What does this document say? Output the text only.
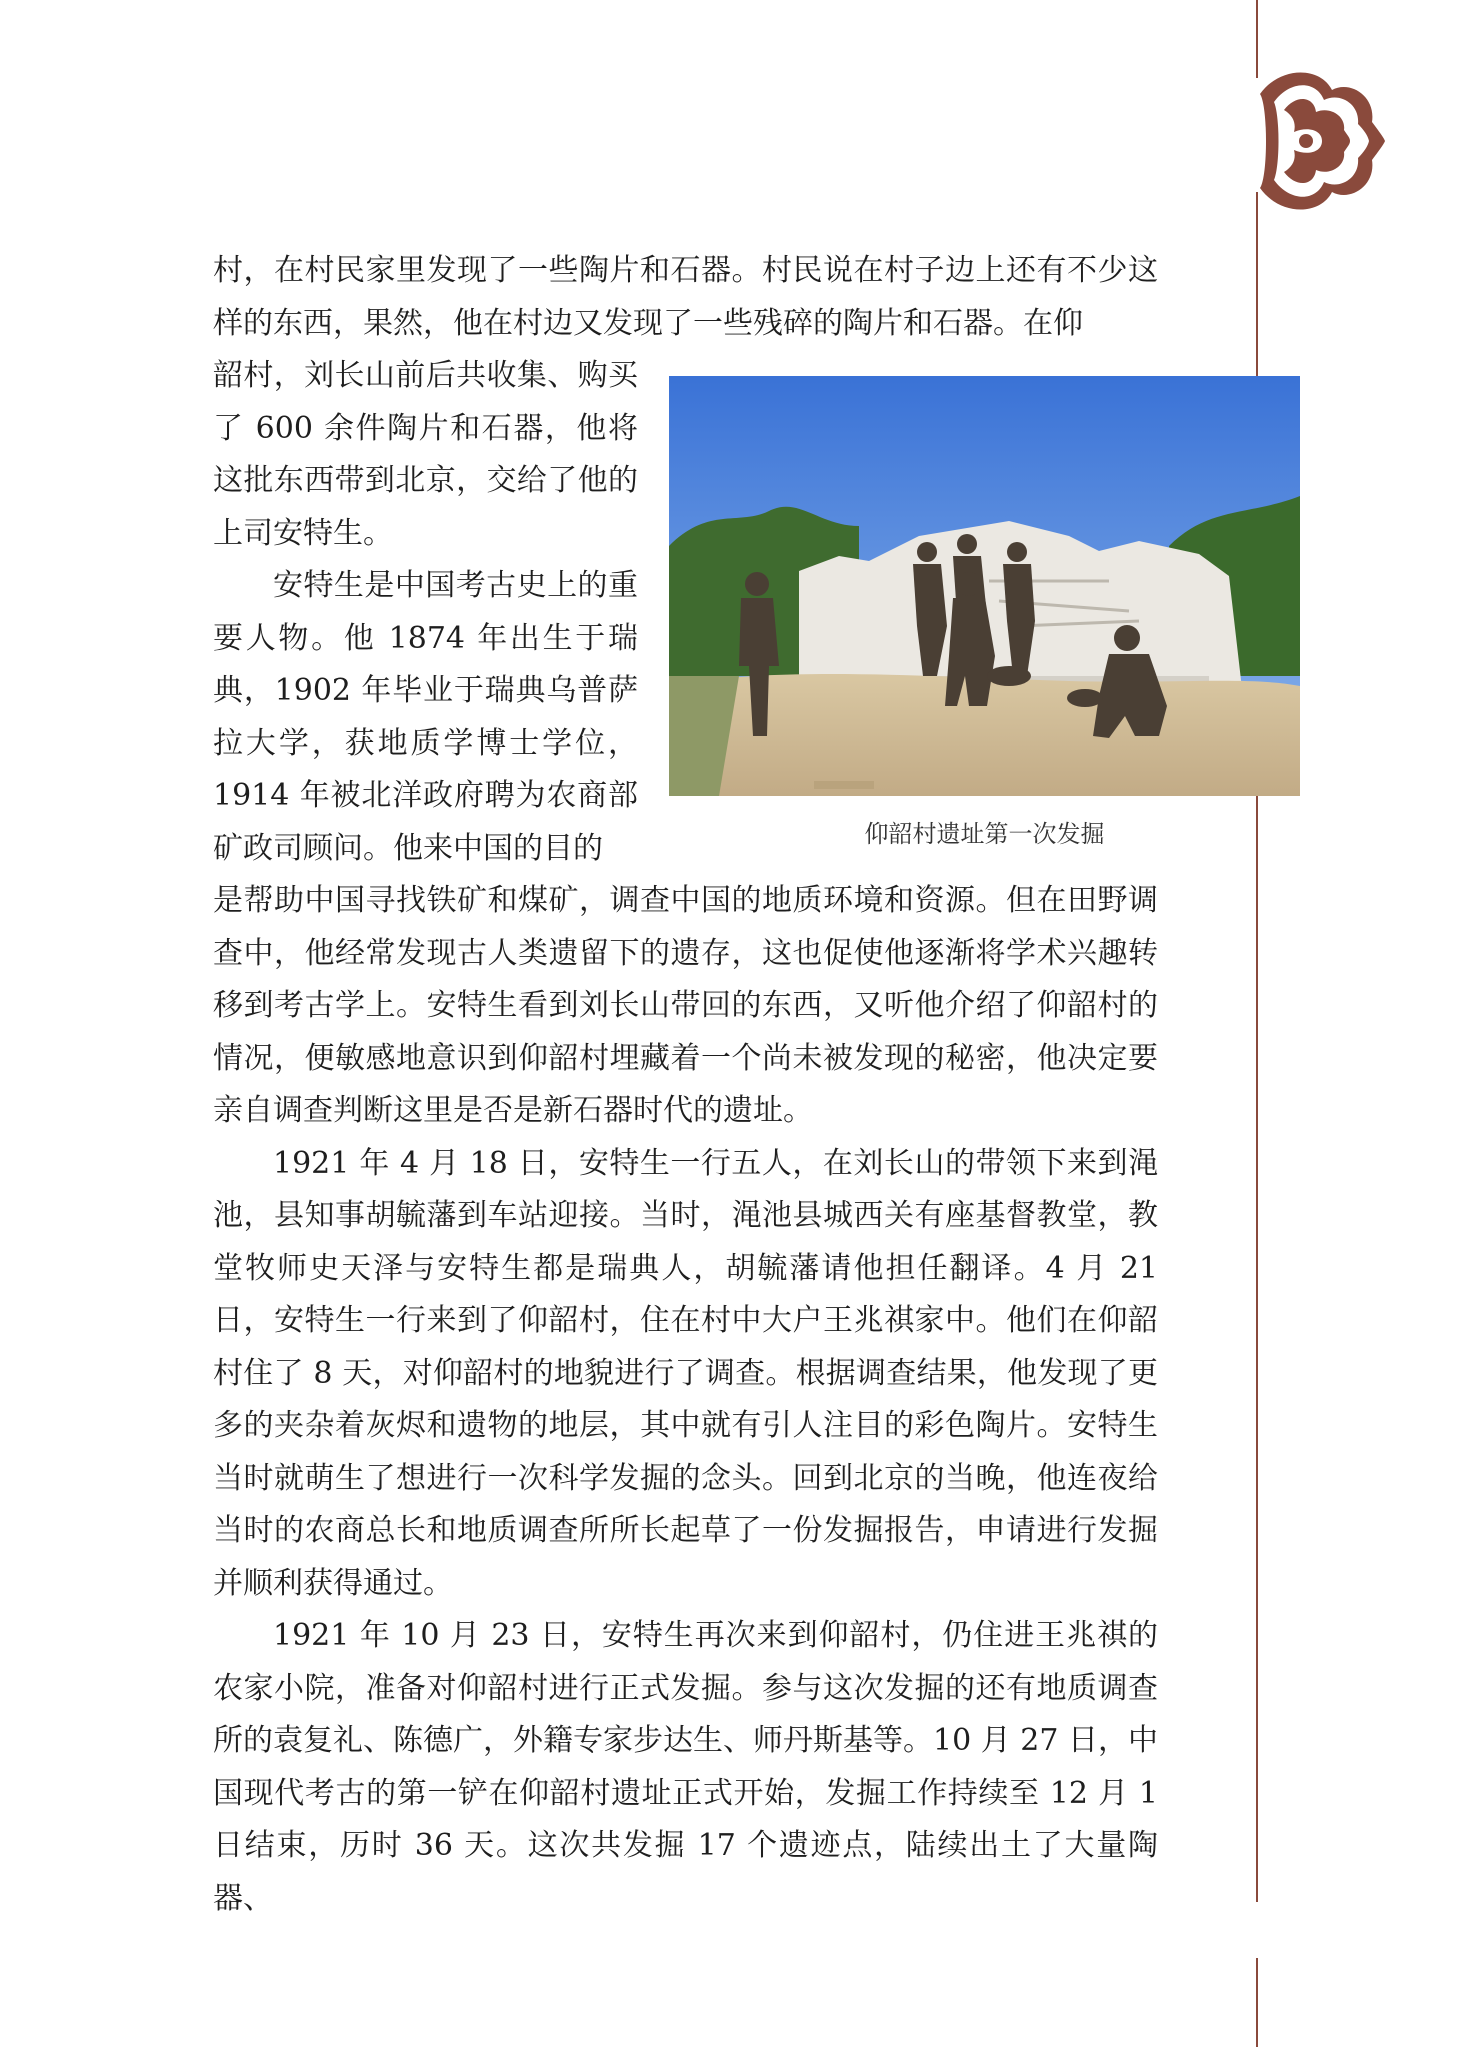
村，在村民家里发现了一些陶片和石器。村民说在村子边上还有不少这样的东西，果然，他在村边又发现了一些残碎的陶片和石器。在仰

韶村，刘长山前后共收集、购买了 600 余件陶片和石器，他将这批东西带到北京，交给了他的上司安特生。

安特生是中国考古史上的重要人物。他 1874 年出生于瑞典，1902 年毕业于瑞典乌普萨拉大学，获地质学博士学位，1914 年被北洋政府聘为农商部矿政司顾问。他来中国的目的	仰韶村遗址第一次发掘

是帮助中国寻找铁矿和煤矿，调查中国的地质环境和资源。但在田野调查中，他经常发现古人类遗留下的遗存，这也促使他逐渐将学术兴趣转移到考古学上。安特生看到刘长山带回的东西，又听他介绍了仰韶村的情况，便敏感地意识到仰韶村埋藏着一个尚未被发现的秘密，他决定要亲自调查判断这里是否是新石器时代的遗址。

1921 年 4 月 18 日，安特生一行五人，在刘长山的带领下来到渑池，县知事胡毓藩到车站迎接。当时，渑池县城西关有座基督教堂，教堂牧师史天泽与安特生都是瑞典人，胡毓藩请他担任翻译。4 月 21 日，安特生一行来到了仰韶村，住在村中大户王兆祺家中。他们在仰韶村住了 8 天，对仰韶村的地貌进行了调查。根据调查结果，他发现了更多的夹杂着灰烬和遗物的地层，其中就有引人注目的彩色陶片。安特生当时就萌生了想进行一次科学发掘的念头。回到北京的当晚，他连夜给当时的农商总长和地质调查所所长起草了一份发掘报告，申请进行发掘并顺利获得通过。

1921 年 10 月 23 日，安特生再次来到仰韶村，仍住进王兆祺的农家小院，准备对仰韶村进行正式发掘。参与这次发掘的还有地质调查所的袁复礼、陈德广，外籍专家步达生、师丹斯基等。10 月 27 日，中国现代考古的第一铲在仰韶村遗址正式开始，发掘工作持续至 12 月 1 日结束，历时 36 天。这次共发掘 17 个遗迹点，陆续出土了大量陶器、
